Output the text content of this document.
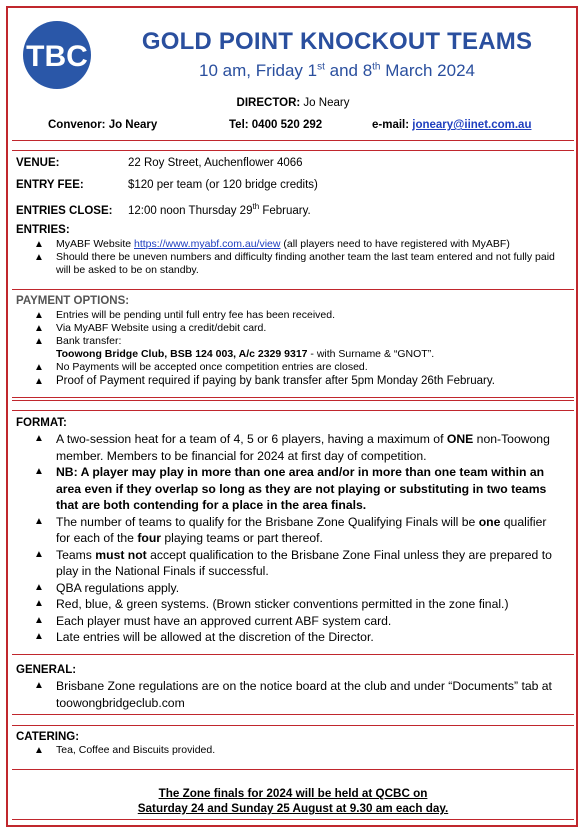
TBC	GOLD POINT KNOCKOUT TEAMS
10 am, Friday 1st and 8th March 2024
DIRECTOR: Jo Neary
Convenor: Jo Neary	Tel: 0400 520 292	e-mail: joneary@iinet.com.au
VENUE:	22 Roy Street, Auchenflower 4066
ENTRY FEE:	$120 per team (or 120 bridge credits)
ENTRIES CLOSE: 12:00 noon Thursday 29th February.
ENTRIES:
▲ MyABF Website https://www.myabf.com.au/view (all players need to have registered with MyABF)
▲ Should there be uneven numbers and difficulty finding another team the last team entered and not fully paid will be asked to be on standby.
PAYMENT OPTIONS:
▲ Entries will be pending until full entry fee has been received.
▲ Via MyABF Website using a credit/debit card.
▲ Bank transfer:
Toowong Bridge Club, BSB 124 003, A/c 2329 9317 - with Surname & “GNOT”.
▲ No Payments will be accepted once competition entries are closed.
▲ Proof of Payment required if paying by bank transfer after 5pm Monday 26th February.
FORMAT:
▲ A two-session heat for a team of 4, 5 or 6 players, having a maximum of ONE non-Toowong member. Members to be financial for 2024 at first day of competition.
▲ NB: A player may play in more than one area and/or in more than one team within an area even if they overlap so long as they are not playing or substituting in two teams that are both contending for a place in the area finals.
▲ The number of teams to qualify for the Brisbane Zone Qualifying Finals will be one qualifier for each of the four playing teams or part thereof.
▲ Teams must not accept qualification to the Brisbane Zone Final unless they are prepared to play in the National Finals if successful.
▲ QBA regulations apply.
▲ Red, blue, & green systems. (Brown sticker conventions permitted in the zone final.)
▲ Each player must have an approved current ABF system card.
▲ Late entries will be allowed at the discretion of the Director.
GENERAL:
▲ Brisbane Zone regulations are on the notice board at the club and under “Documents” tab at toowongbridgeclub.com
CATERING:
▲ Tea, Coffee and Biscuits provided.
The Zone finals for 2024 will be held at QCBC on
Saturday 24 and Sunday 25 August at 9.30 am each day.
